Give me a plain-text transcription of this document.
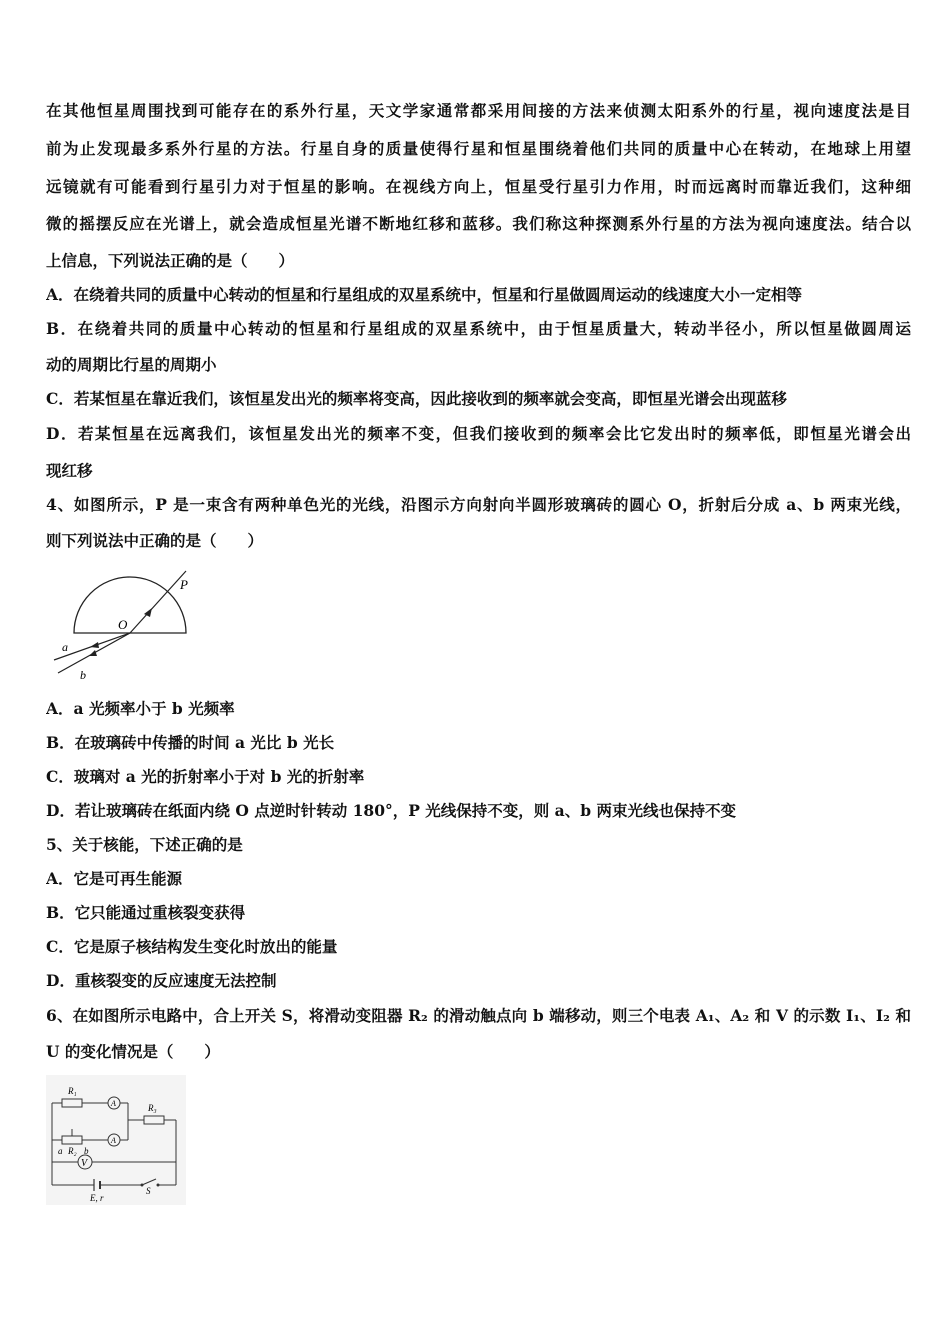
在其他恒星周围找到可能存在的系外行星，天文学家通常都采用间接的方法来侦测太阳系外的行星，视向速度法是目
前为止发现最多系外行星的方法。行星自身的质量使得行星和恒星围绕着他们共同的质量中心在转动，在地球上用望
远镜就有可能看到行星引力对于恒星的影响。在视线方向上，恒星受行星引力作用，时而远离时而靠近我们，这种细
微的摇摆反应在光谱上，就会造成恒星光谱不断地红移和蓝移。我们称这种探测系外行星的方法为视向速度法。结合以
上信息，下列说法正确的是（　　）
A．在绕着共同的质量中心转动的恒星和行星组成的双星系统中，恒星和行星做圆周运动的线速度大小一定相等
B．在绕着共同的质量中心转动的恒星和行星组成的双星系统中，由于恒星质量大，转动半径小，所以恒星做圆周运
动的周期比行星的周期小
C．若某恒星在靠近我们，该恒星发出光的频率将变高，因此接收到的频率就会变高，即恒星光谱会出现蓝移
D．若某恒星在远离我们，该恒星发出光的频率不变，但我们接收到的频率会比它发出时的频率低，即恒星光谱会出
现红移
4、如图所示，P 是一束含有两种单色光的光线，沿图示方向射向半圆形玻璃砖的圆心 O，折射后分成 a、b 两束光线，
则下列说法中正确的是（　　）
P
O
a
b
A．a 光频率小于 b 光频率
B．在玻璃砖中传播的时间 a 光比 b 光长
C．玻璃对 a 光的折射率小于对 b 光的折射率
D．若让玻璃砖在纸面内绕 O 点逆时针转动 180°，P 光线保持不变，则 a、b 两束光线也保持不变
5、关于核能，下述正确的是
A．它是可再生能源
B．它只能通过重核裂变获得
C．它是原子核结构发生变化时放出的能量
D．重核裂变的反应速度无法控制
6、在如图所示电路中，合上开关 S，将滑动变阻器 R₂ 的滑动触点向 b 端移动，则三个电表 A₁、A₂ 和 V 的示数 I₁、I₂ 和
U 的变化情况是（　　）
A
A
V
R₁
R₃
a R₂ b
S
E, r
